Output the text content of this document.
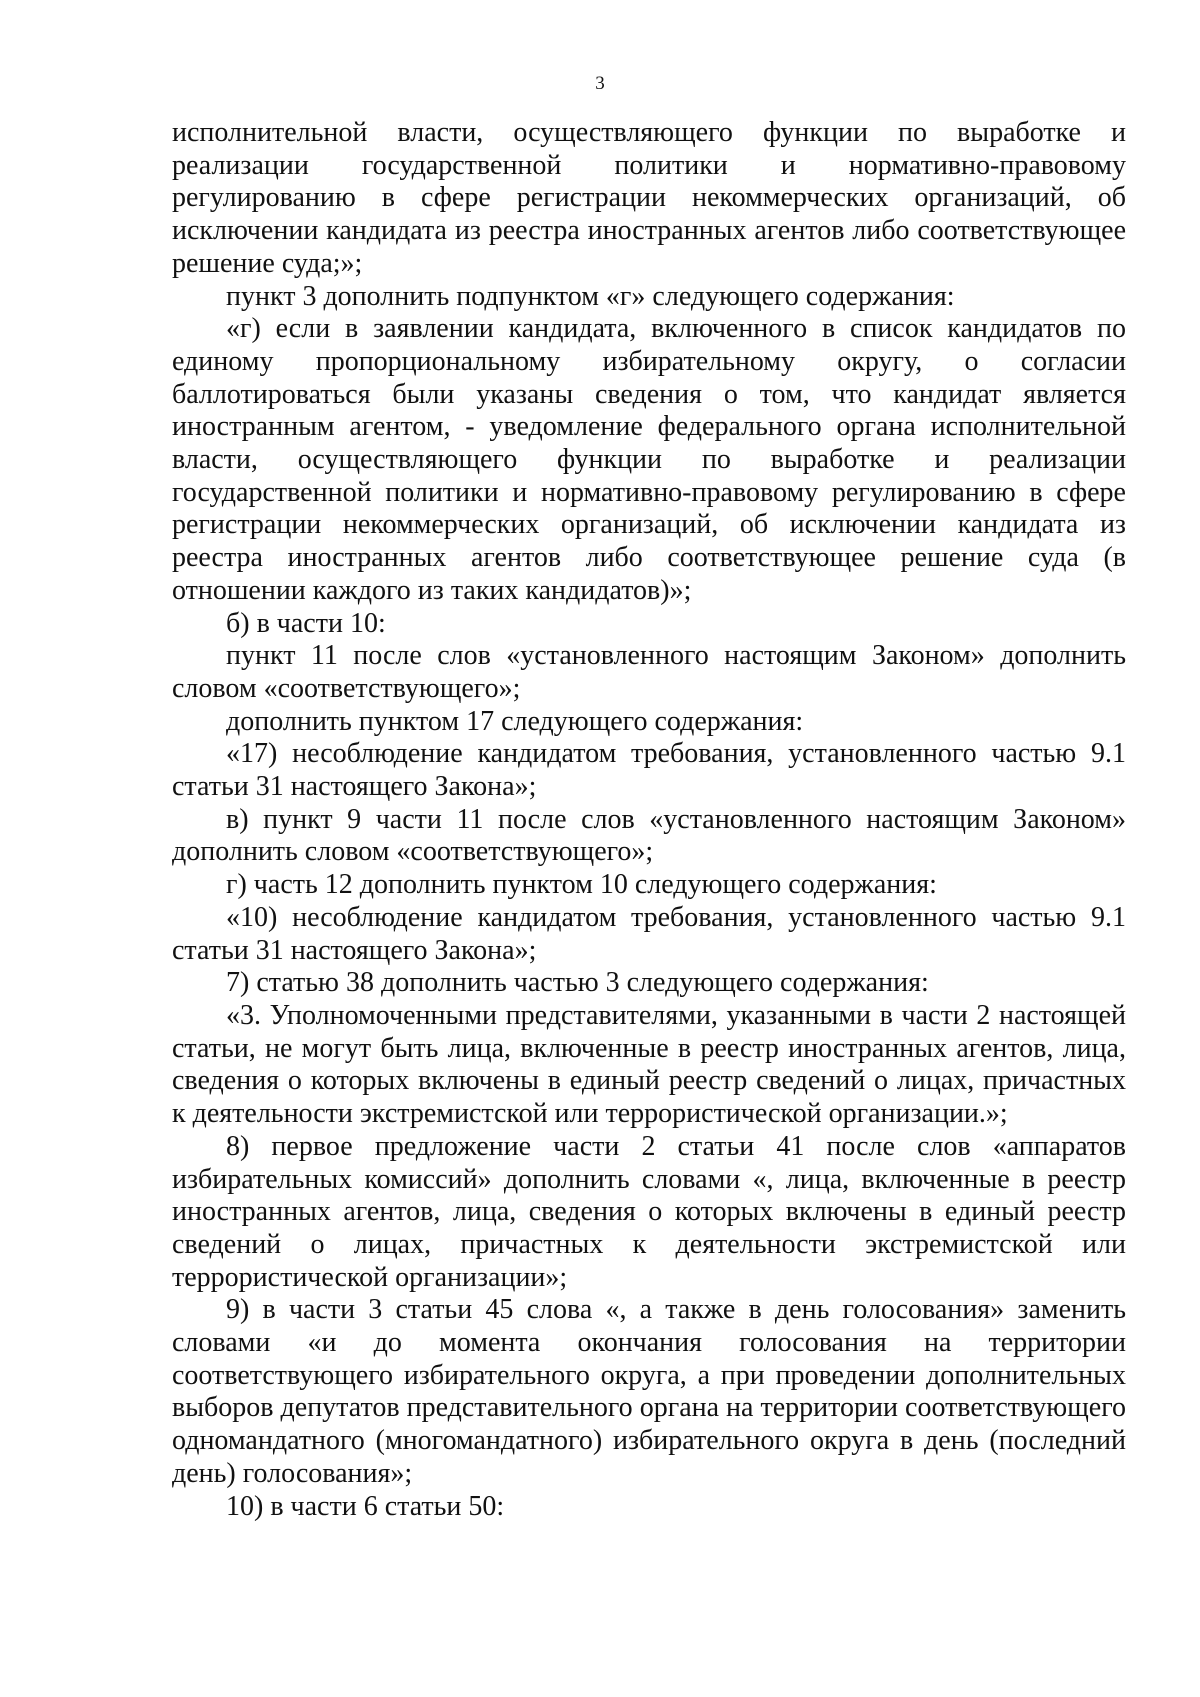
3

исполнительной власти, осуществляющего функции по выработке и реализации государственной политики и нормативно-правовому регулированию в сфере регистрации некоммерческих организаций, об исключении кандидата из реестра иностранных агентов либо соответствующее решение суда;»;

пункт 3 дополнить подпунктом «г» следующего содержания:

«г) если в заявлении кандидата, включенного в список кандидатов по единому пропорциональному избирательному округу, о согласии баллотироваться были указаны сведения о том, что кандидат является иностранным агентом, - уведомление федерального органа исполнительной власти, осуществляющего функции по выработке и реализации государственной политики и нормативно-правовому регулированию в сфере регистрации некоммерческих организаций, об исключении кандидата из реестра иностранных агентов либо соответствующее решение суда (в отношении каждого из таких кандидатов)»;

б) в части 10:

пункт 11 после слов «установленного настоящим Законом» дополнить словом «соответствующего»;

дополнить пунктом 17 следующего содержания:

«17) несоблюдение кандидатом требования, установленного частью 9.1 статьи 31 настоящего Закона»;

в) пункт 9 части 11 после слов «установленного настоящим Законом» дополнить словом «соответствующего»;

г) часть 12 дополнить пунктом 10 следующего содержания:

«10) несоблюдение кандидатом требования, установленного частью 9.1 статьи 31 настоящего Закона»;

7) статью 38 дополнить частью 3 следующего содержания:

«3. Уполномоченными представителями, указанными в части 2 настоящей статьи, не могут быть лица, включенные в реестр иностранных агентов, лица, сведения о которых включены в единый реестр сведений о лицах, причастных к деятельности экстремистской или террористической организации.»;

8) первое предложение части 2 статьи 41 после слов «аппаратов избирательных комиссий» дополнить словами «, лица, включенные в реестр иностранных агентов, лица, сведения о которых включены в единый реестр сведений о лицах, причастных к деятельности экстремистской или террористической организации»;

9) в части 3 статьи 45 слова «, а также в день голосования» заменить словами «и до момента окончания голосования на территории соответствующего избирательного округа, а при проведении дополнительных выборов депутатов представительного органа на территории соответствующего одномандатного (многомандатного) избирательного округа в день (последний день) голосования»;

10) в части 6 статьи 50:
